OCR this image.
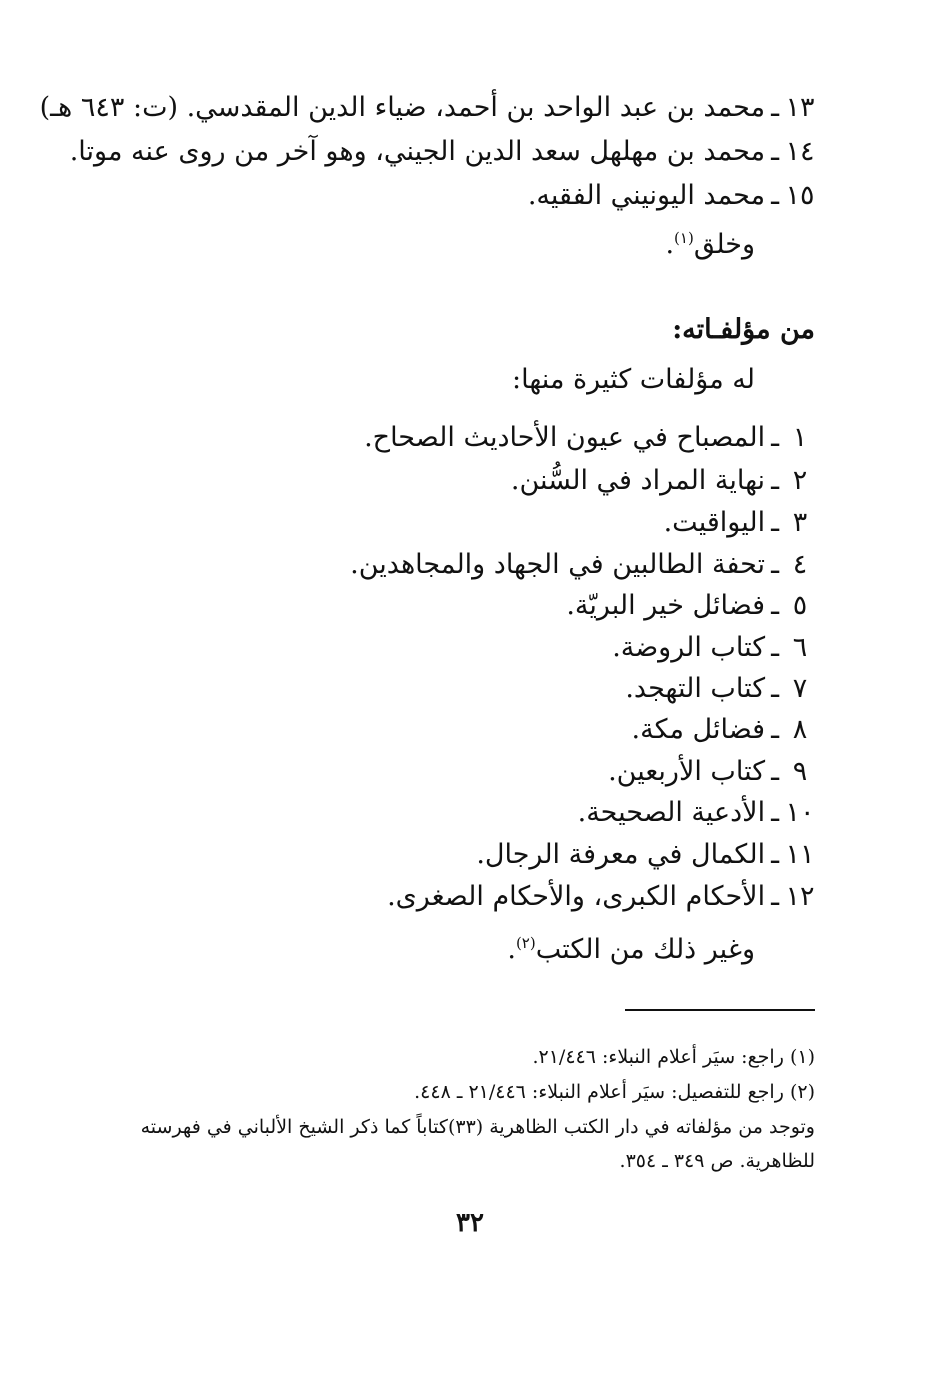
١٣ـمحمد بن عبد الواحد بن أحمد، ضياء الدين المقدسي. (ت: ٦٤٣ هـ)
١٤ـمحمد بن مهلهل سعد الدين الجيني، وهو آخر من روى عنه موتا.
١٥ـمحمد اليونيني الفقيه.
وخلق$^{(١)}$.
من مؤلفـاته:
له مؤلفات كثيرة منها:
١ـالمصباح في عيون الأحاديث الصحاح.
٢ـنهاية المراد في السُّنن.
٣ـاليواقيت.
٤ـتحفة الطالبين في الجهاد والمجاهدين.
٥ـفضائل خير البريّة.
٦ـكتاب الروضة.
٧ـكتاب التهجد.
٨ـفضائل مكة.
٩ـكتاب الأربعين.
١٠ـالأدعية الصحيحة.
١١ـالكمال في معرفة الرجال.
١٢ـالأحكام الكبرى، والأحكام الصغرى.
وغير ذلك من الكتب$^{(٢)}$.
(١) راجع: سيَر أعلام النبلاء: ٢١/٤٤٦.
(٢) راجع للتفصيل: سيَر أعلام النبلاء: ٢١/٤٤٦ ـ ٤٤٨.
وتوجد من مؤلفاته في دار الكتب الظاهرية (٣٣)كتاباً كما ذكر الشيخ الألباني في فهرسته
للظاهرية. ص ٣٤٩ ـ ٣٥٤.
٣٢
